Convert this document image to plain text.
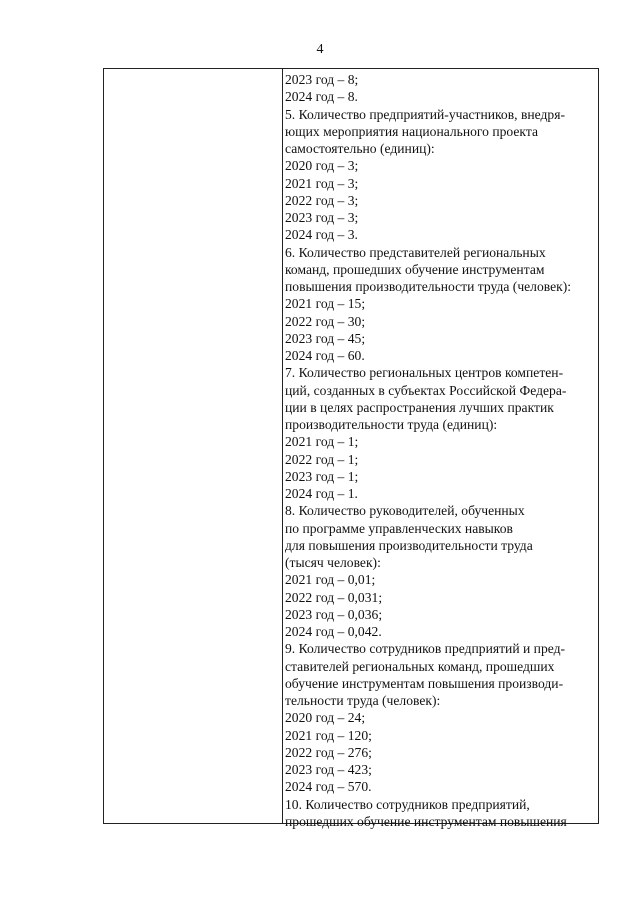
4
2023 год – 8;
2024 год – 8.
5. Количество предприятий-участников, внедря-
ющих мероприятия национального проекта
самостоятельно (единиц):
2020 год – 3;
2021 год – 3;
2022 год – 3;
2023 год – 3;
2024 год – 3.
6. Количество представителей региональных
команд, прошедших обучение инструментам
повышения производительности труда (человек):
2021 год – 15;
2022 год – 30;
2023 год – 45;
2024 год – 60.
7. Количество региональных центров компетен-
ций, созданных в субъектах Российской Федера-
ции в целях распространения лучших практик
производительности труда (единиц):
2021 год – 1;
2022 год – 1;
2023 год – 1;
2024 год – 1.
8. Количество руководителей, обученных
по программе управленческих навыков
для повышения производительности труда
(тысяч человек):
2021 год – 0,01;
2022 год – 0,031;
2023 год – 0,036;
2024 год – 0,042.
9. Количество сотрудников предприятий и пред-
ставителей региональных команд, прошедших
обучение инструментам повышения производи-
тельности труда (человек):
2020 год – 24;
2021 год – 120;
2022 год – 276;
2023 год – 423;
2024 год – 570.
10. Количество сотрудников предприятий,
прошедших обучение инструментам повышения
